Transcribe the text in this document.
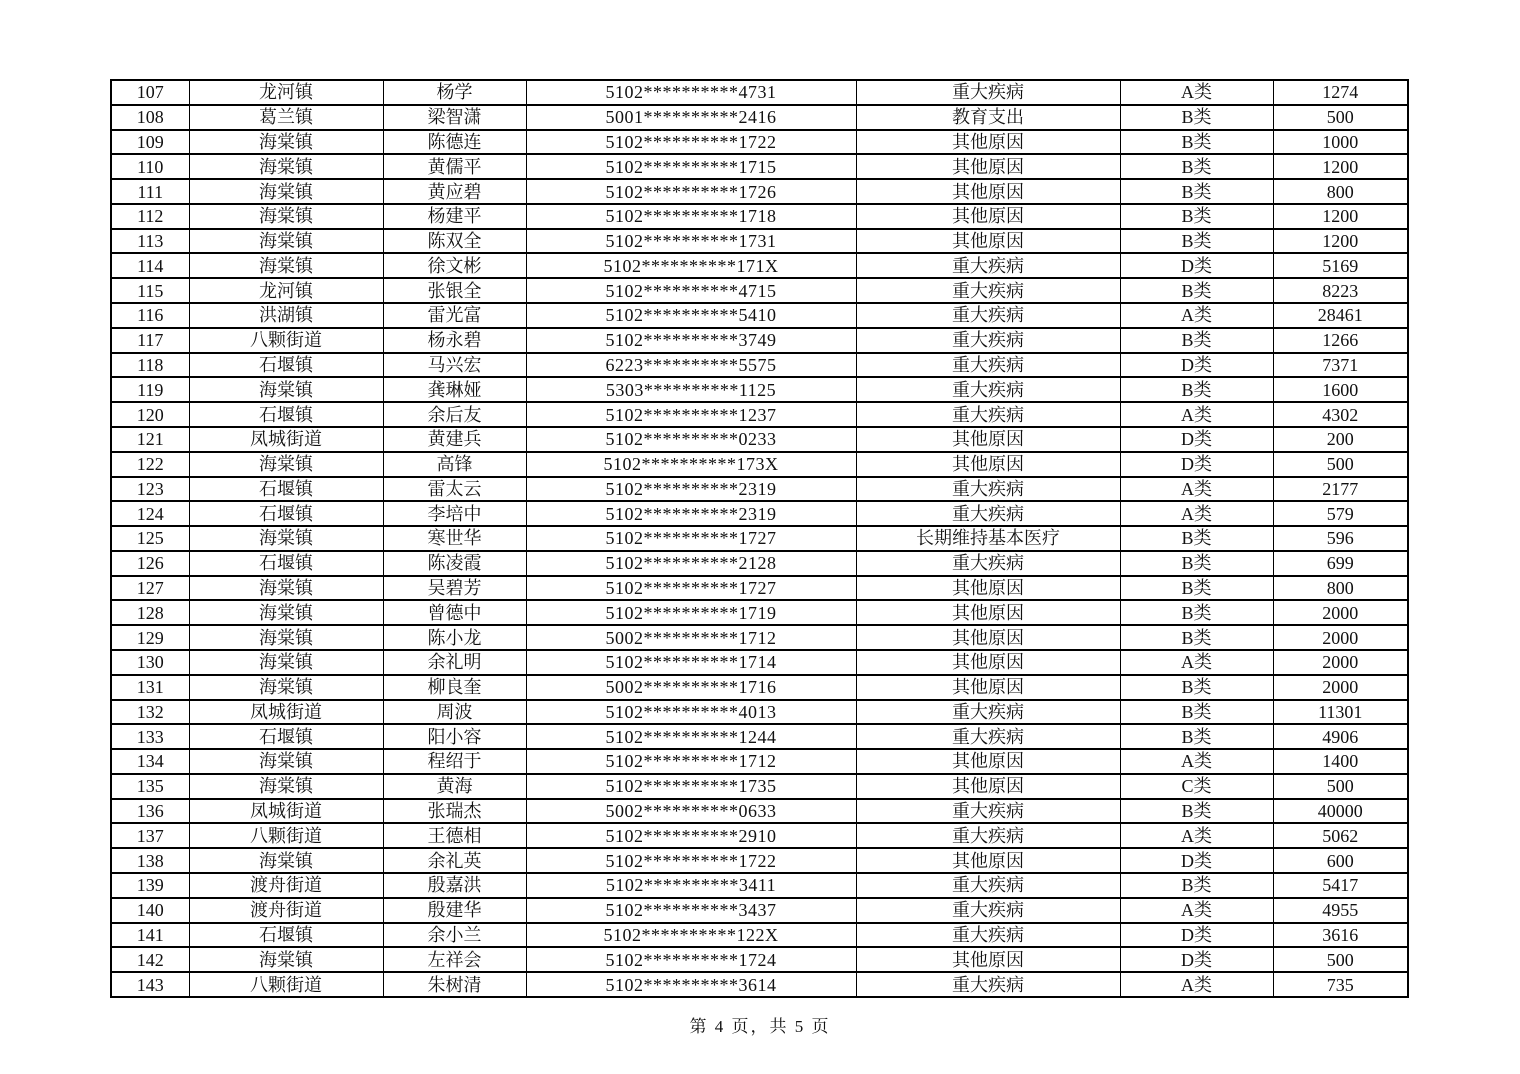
107	龙河镇	杨学	5102**********4731	重大疾病	A类	1274
108	葛兰镇	梁智潇	5001**********2416	教育支出	B类	500
109	海棠镇	陈德连	5102**********1722	其他原因	B类	1000
110	海棠镇	黄儒平	5102**********1715	其他原因	B类	1200
111	海棠镇	黄应碧	5102**********1726	其他原因	B类	800
112	海棠镇	杨建平	5102**********1718	其他原因	B类	1200
113	海棠镇	陈双全	5102**********1731	其他原因	B类	1200
114	海棠镇	徐文彬	5102**********171X	重大疾病	D类	5169
115	龙河镇	张银全	5102**********4715	重大疾病	B类	8223
116	洪湖镇	雷光富	5102**********5410	重大疾病	A类	28461
117	八颗街道	杨永碧	5102**********3749	重大疾病	B类	1266
118	石堰镇	马兴宏	6223**********5575	重大疾病	D类	7371
119	海棠镇	龚琳娅	5303**********1125	重大疾病	B类	1600
120	石堰镇	余后友	5102**********1237	重大疾病	A类	4302
121	凤城街道	黄建兵	5102**********0233	其他原因	D类	200
122	海棠镇	高锋	5102**********173X	其他原因	D类	500
123	石堰镇	雷太云	5102**********2319	重大疾病	A类	2177
124	石堰镇	李培中	5102**********2319	重大疾病	A类	579
125	海棠镇	寒世华	5102**********1727	长期维持基本医疗	B类	596
126	石堰镇	陈凌霞	5102**********2128	重大疾病	B类	699
127	海棠镇	吴碧芳	5102**********1727	其他原因	B类	800
128	海棠镇	曾德中	5102**********1719	其他原因	B类	2000
129	海棠镇	陈小龙	5002**********1712	其他原因	B类	2000
130	海棠镇	余礼明	5102**********1714	其他原因	A类	2000
131	海棠镇	柳良奎	5002**********1716	其他原因	B类	2000
132	凤城街道	周波	5102**********4013	重大疾病	B类	11301
133	石堰镇	阳小容	5102**********1244	重大疾病	B类	4906
134	海棠镇	程绍于	5102**********1712	其他原因	A类	1400
135	海棠镇	黄海	5102**********1735	其他原因	C类	500
136	凤城街道	张瑞杰	5002**********0633	重大疾病	B类	40000
137	八颗街道	王德相	5102**********2910	重大疾病	A类	5062
138	海棠镇	余礼英	5102**********1722	其他原因	D类	600
139	渡舟街道	殷嘉洪	5102**********3411	重大疾病	B类	5417
140	渡舟街道	殷建华	5102**********3437	重大疾病	A类	4955
141	石堰镇	余小兰	5102**********122X	重大疾病	D类	3616
142	海棠镇	左祥会	5102**********1724	其他原因	D类	500
143	八颗街道	朱树清	5102**********3614	重大疾病	A类	735
第 4 页，共 5 页
